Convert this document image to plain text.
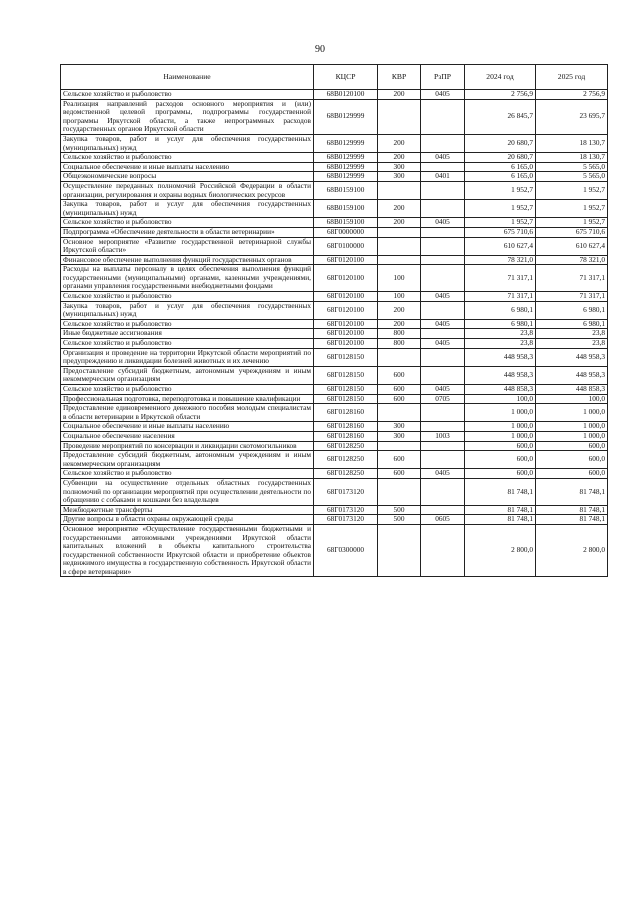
90
Наименование	КЦСР	КВР	РзПР	2024 год	2025 год
Сельское хозяйство и рыболовство	68В0120100	200	0405	2 756,9	2 756,9
Реализация направлений расходов основного мероприятия и (или) ведомственной целевой программы, подпрограммы государственной программы Иркутской области, а также непрограммных расходов государственных органов Иркутской области	68В0129999			26 845,7	23 695,7
Закупка товаров, работ и услуг для обеспечения государственных (муниципальных) нужд	68В0129999	200		20 680,7	18 130,7
Сельское хозяйство и рыболовство	68В0129999	200	0405	20 680,7	18 130,7
Социальное обеспечение и иные выплаты населению	68В0129999	300		6 165,0	5 565,0
Общеэкономические вопросы	68В0129999	300	0401	6 165,0	5 565,0
Осуществление переданных полномочий Российской Федерации в области организации, регулирования и охраны водных биологических ресурсов	68В0159100			1 952,7	1 952,7
Закупка товаров, работ и услуг для обеспечения государственных (муниципальных) нужд	68В0159100	200		1 952,7	1 952,7
Сельское хозяйство и рыболовство	68В0159100	200	0405	1 952,7	1 952,7
Подпрограмма «Обеспечение деятельности в области ветеринарии»	68Г0000000			675 710,6	675 710,6
Основное мероприятие «Развитие государственной ветеринарной службы Иркутской области»	68Г0100000			610 627,4	610 627,4
Финансовое обеспечение выполнения функций государственных органов	68Г0120100			78 321,0	78 321,0
Расходы на выплаты персоналу в целях обеспечения выполнения функций государственными (муниципальными) органами, казенными учреждениями, органами управления государственными внебюджетными фондами	68Г0120100	100		71 317,1	71 317,1
Сельское хозяйство и рыболовство	68Г0120100	100	0405	71 317,1	71 317,1
Закупка товаров, работ и услуг для обеспечения государственных (муниципальных) нужд	68Г0120100	200		6 980,1	6 980,1
Сельское хозяйство и рыболовство	68Г0120100	200	0405	6 980,1	6 980,1
Иные бюджетные ассигнования	68Г0120100	800		23,8	23,8
Сельское хозяйство и рыболовство	68Г0120100	800	0405	23,8	23,8
Организация и проведение на территории Иркутской области мероприятий по предупреждению и ликвидации болезней животных и их лечению	68Г0128150			448 958,3	448 958,3
Предоставление субсидий бюджетным, автономным учреждениям и иным некоммерческим организациям	68Г0128150	600		448 958,3	448 958,3
Сельское хозяйство и рыболовство	68Г0128150	600	0405	448 858,3	448 858,3
Профессиональная подготовка, переподготовка и повышение квалификации	68Г0128150	600	0705	100,0	100,0
Предоставление единовременного денежного пособия молодым специалистам в области ветеринарии в Иркутской области	68Г0128160			1 000,0	1 000,0
Социальное обеспечение и иные выплаты населению	68Г0128160	300		1 000,0	1 000,0
Социальное обеспечение населения	68Г0128160	300	1003	1 000,0	1 000,0
Проведение мероприятий по консервации и ликвидации скотомогильников	68Г0128250			600,0	600,0
Предоставление субсидий бюджетным, автономным учреждениям и иным некоммерческим организациям	68Г0128250	600		600,0	600,0
Сельское хозяйство и рыболовство	68Г0128250	600	0405	600,0	600,0
Субвенции на осуществление отдельных областных государственных полномочий по организации мероприятий при осуществлении деятельности по обращению с собаками и кошками без владельцев	68Г0173120			81 748,1	81 748,1
Межбюджетные трансферты	68Г0173120	500		81 748,1	81 748,1
Другие вопросы в области охраны окружающей среды	68Г0173120	500	0605	81 748,1	81 748,1
Основное мероприятие «Осуществление государственными бюджетными и государственными автономными учреждениями Иркутской области капитальных вложений в объекты капитального строительства государственной собственности Иркутской области и приобретение объектов недвижимого имущества в государственную собственность Иркутской области в сфере ветеринарии»	68Г0300000			2 800,0	2 800,0
